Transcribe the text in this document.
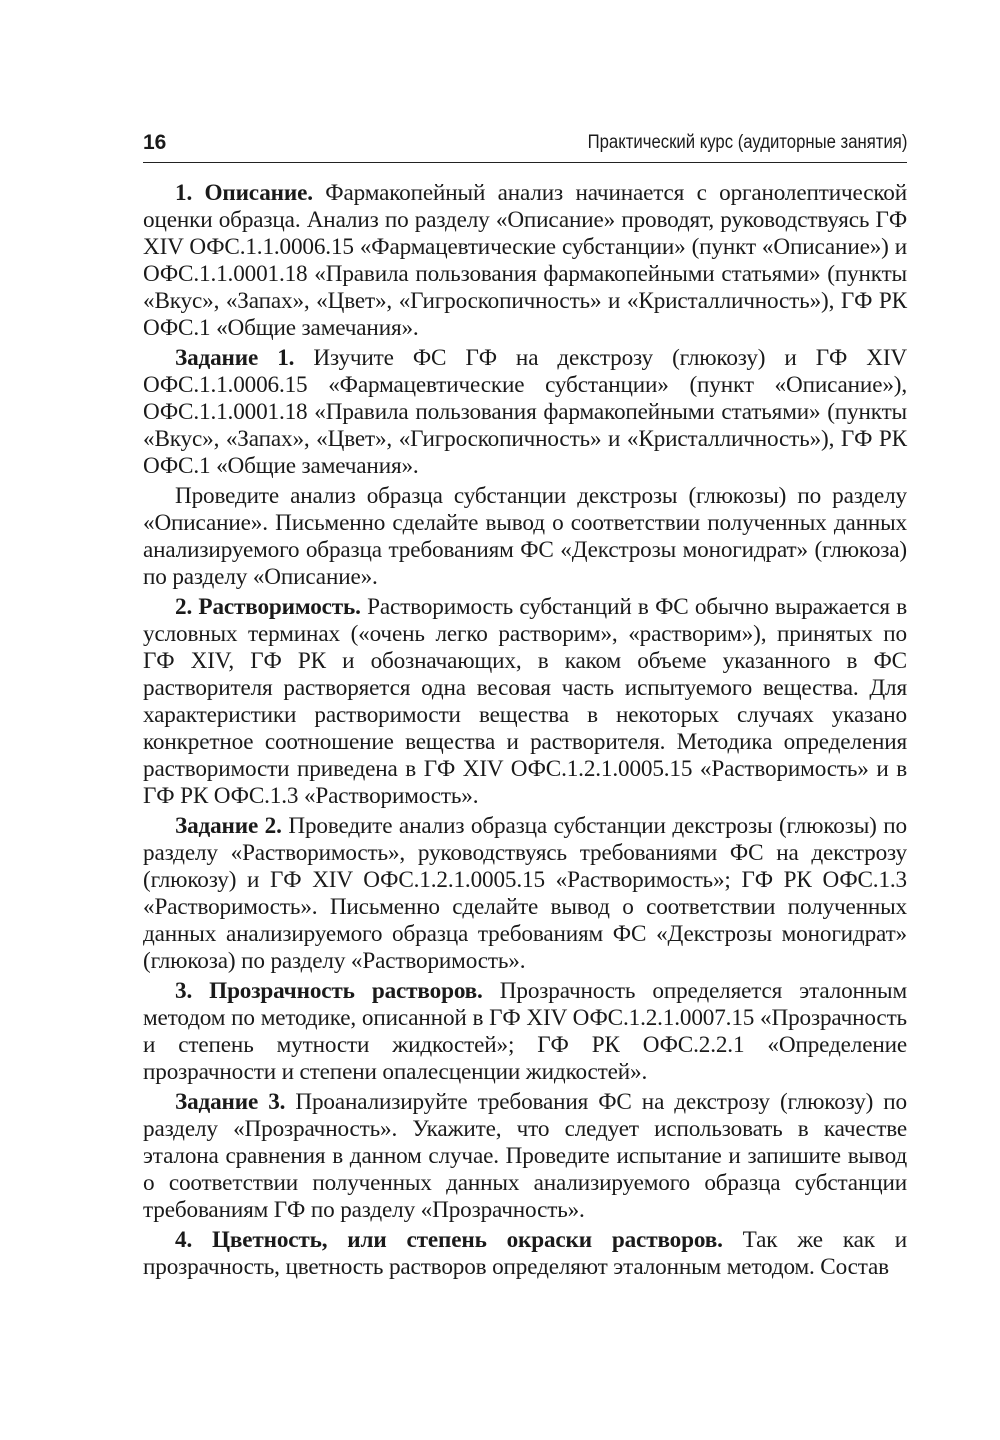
16	Практический курс (аудиторные занятия)

1. Описание. Фармакопейный анализ начинается с органолептической оценки образца. Анализ по разделу «Описание» проводят, руководствуясь ГФ XIV ОФС.1.1.0006.15 «Фармацевтические субстанции» (пункт «Описание») и ОФС.1.1.0001.18 «Правила пользования фармакопейными статьями» (пункты «Вкус», «Запах», «Цвет», «Гигроскопичность» и «Кристалличность»), ГФ РК ОФС.1 «Общие замечания».

Задание 1. Изучите ФС ГФ на декстрозу (глюкозу) и ГФ XIV ОФС.1.1.0006.15 «Фармацевтические субстанции» (пункт «Описание»), ОФС.1.1.0001.18 «Правила пользования фармакопейными статьями» (пункты «Вкус», «Запах», «Цвет», «Гигроскопичность» и «Кристалличность»), ГФ РК ОФС.1 «Общие замечания».

Проведите анализ образца субстанции декстрозы (глюкозы) по разделу «Описание». Письменно сделайте вывод о соответствии полученных данных анализируемого образца требованиям ФС «Декстрозы моногидрат» (глюкоза) по разделу «Описание».

2. Растворимость. Растворимость субстанций в ФС обычно выражается в условных терминах («очень легко растворим», «растворим»), принятых по ГФ XIV, ГФ РК и обозначающих, в каком объеме указанного в ФС растворителя растворяется одна весовая часть испытуемого вещества. Для характеристики растворимости вещества в некоторых случаях указано конкретное соотношение вещества и растворителя. Методика определения растворимости приведена в ГФ XIV ОФС.1.2.1.0005.15 «Растворимость» и в ГФ РК ОФС.1.3 «Растворимость».

Задание 2. Проведите анализ образца субстанции декстрозы (глюкозы) по разделу «Растворимость», руководствуясь требованиями ФС на декстрозу (глюкозу) и ГФ XIV ОФС.1.2.1.0005.15 «Растворимость»; ГФ РК ОФС.1.3 «Растворимость». Письменно сделайте вывод о соответствии полученных данных анализируемого образца требованиям ФС «Декстрозы моногидрат» (глюкоза) по разделу «Растворимость».

3. Прозрачность растворов. Прозрачность определяется эталонным методом по методике, описанной в ГФ XIV ОФС.1.2.1.0007.15 «Прозрачность и степень мутности жидкостей»; ГФ РК ОФС.2.2.1 «Определение прозрачности и степени опалесценции жидкостей».

Задание 3. Проанализируйте требования ФС на декстрозу (глюкозу) по разделу «Прозрачность». Укажите, что следует использовать в качестве эталона сравнения в данном случае. Проведите испытание и запишите вывод о соответствии полученных данных анализируемого образца субстанции требованиям ГФ по разделу «Прозрачность».

4. Цветность, или степень окраски растворов. Так же как и прозрачность, цветность растворов определяют эталонным методом. Состав
